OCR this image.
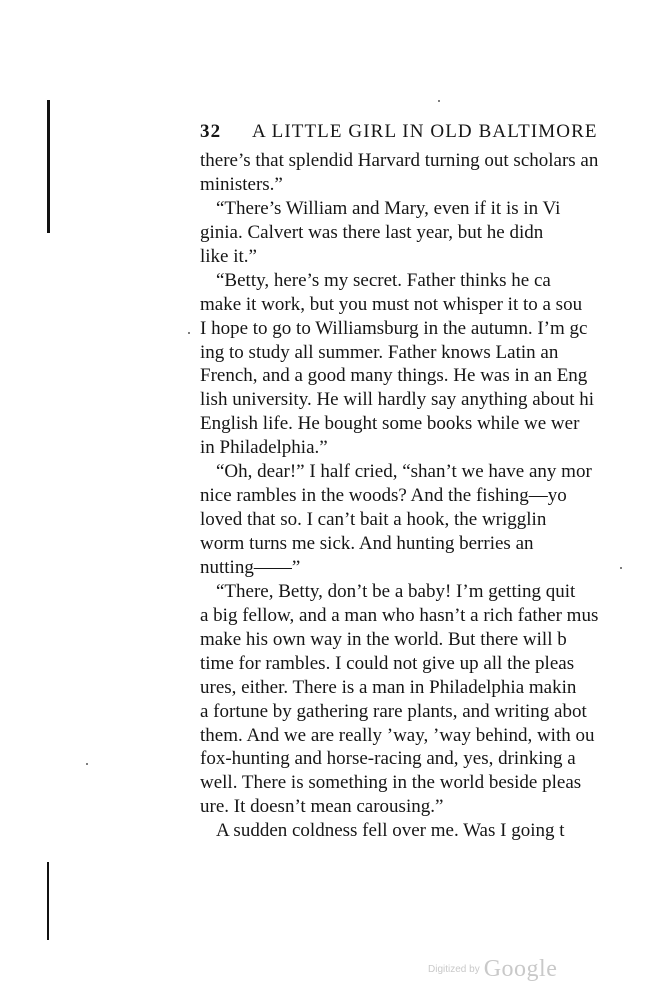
32 A LITTLE GIRL IN OLD BALTIMORE
there’s that splendid Harvard turning out scholars an
ministers.”
“There’s William and Mary, even if it is in Vi
ginia. Calvert was there last year, but he didn
like it.”
“Betty, here’s my secret. Father thinks he ca
make it work, but you must not whisper it to a sou
I hope to go to Williamsburg in the autumn. I’m gc
ing to study all summer. Father knows Latin an
French, and a good many things. He was in an Eng
lish university. He will hardly say anything about hi
English life. He bought some books while we wer
in Philadelphia.”
“Oh, dear!” I half cried, “shan’t we have any mor
nice rambles in the woods? And the fishing—yo
loved that so. I can’t bait a hook, the wrigglin
worm turns me sick. And hunting berries an
nutting——”
“There, Betty, don’t be a baby! I’m getting quit
a big fellow, and a man who hasn’t a rich father mus
make his own way in the world. But there will b
time for rambles. I could not give up all the pleas
ures, either. There is a man in Philadelphia makin
a fortune by gathering rare plants, and writing abot
them. And we are really ’way, ’way behind, with ou
fox-hunting and horse-racing and, yes, drinking a
well. There is something in the world beside pleas
ure. It doesn’t mean carousing.”
A sudden coldness fell over me. Was I going t
Digitized by Google
